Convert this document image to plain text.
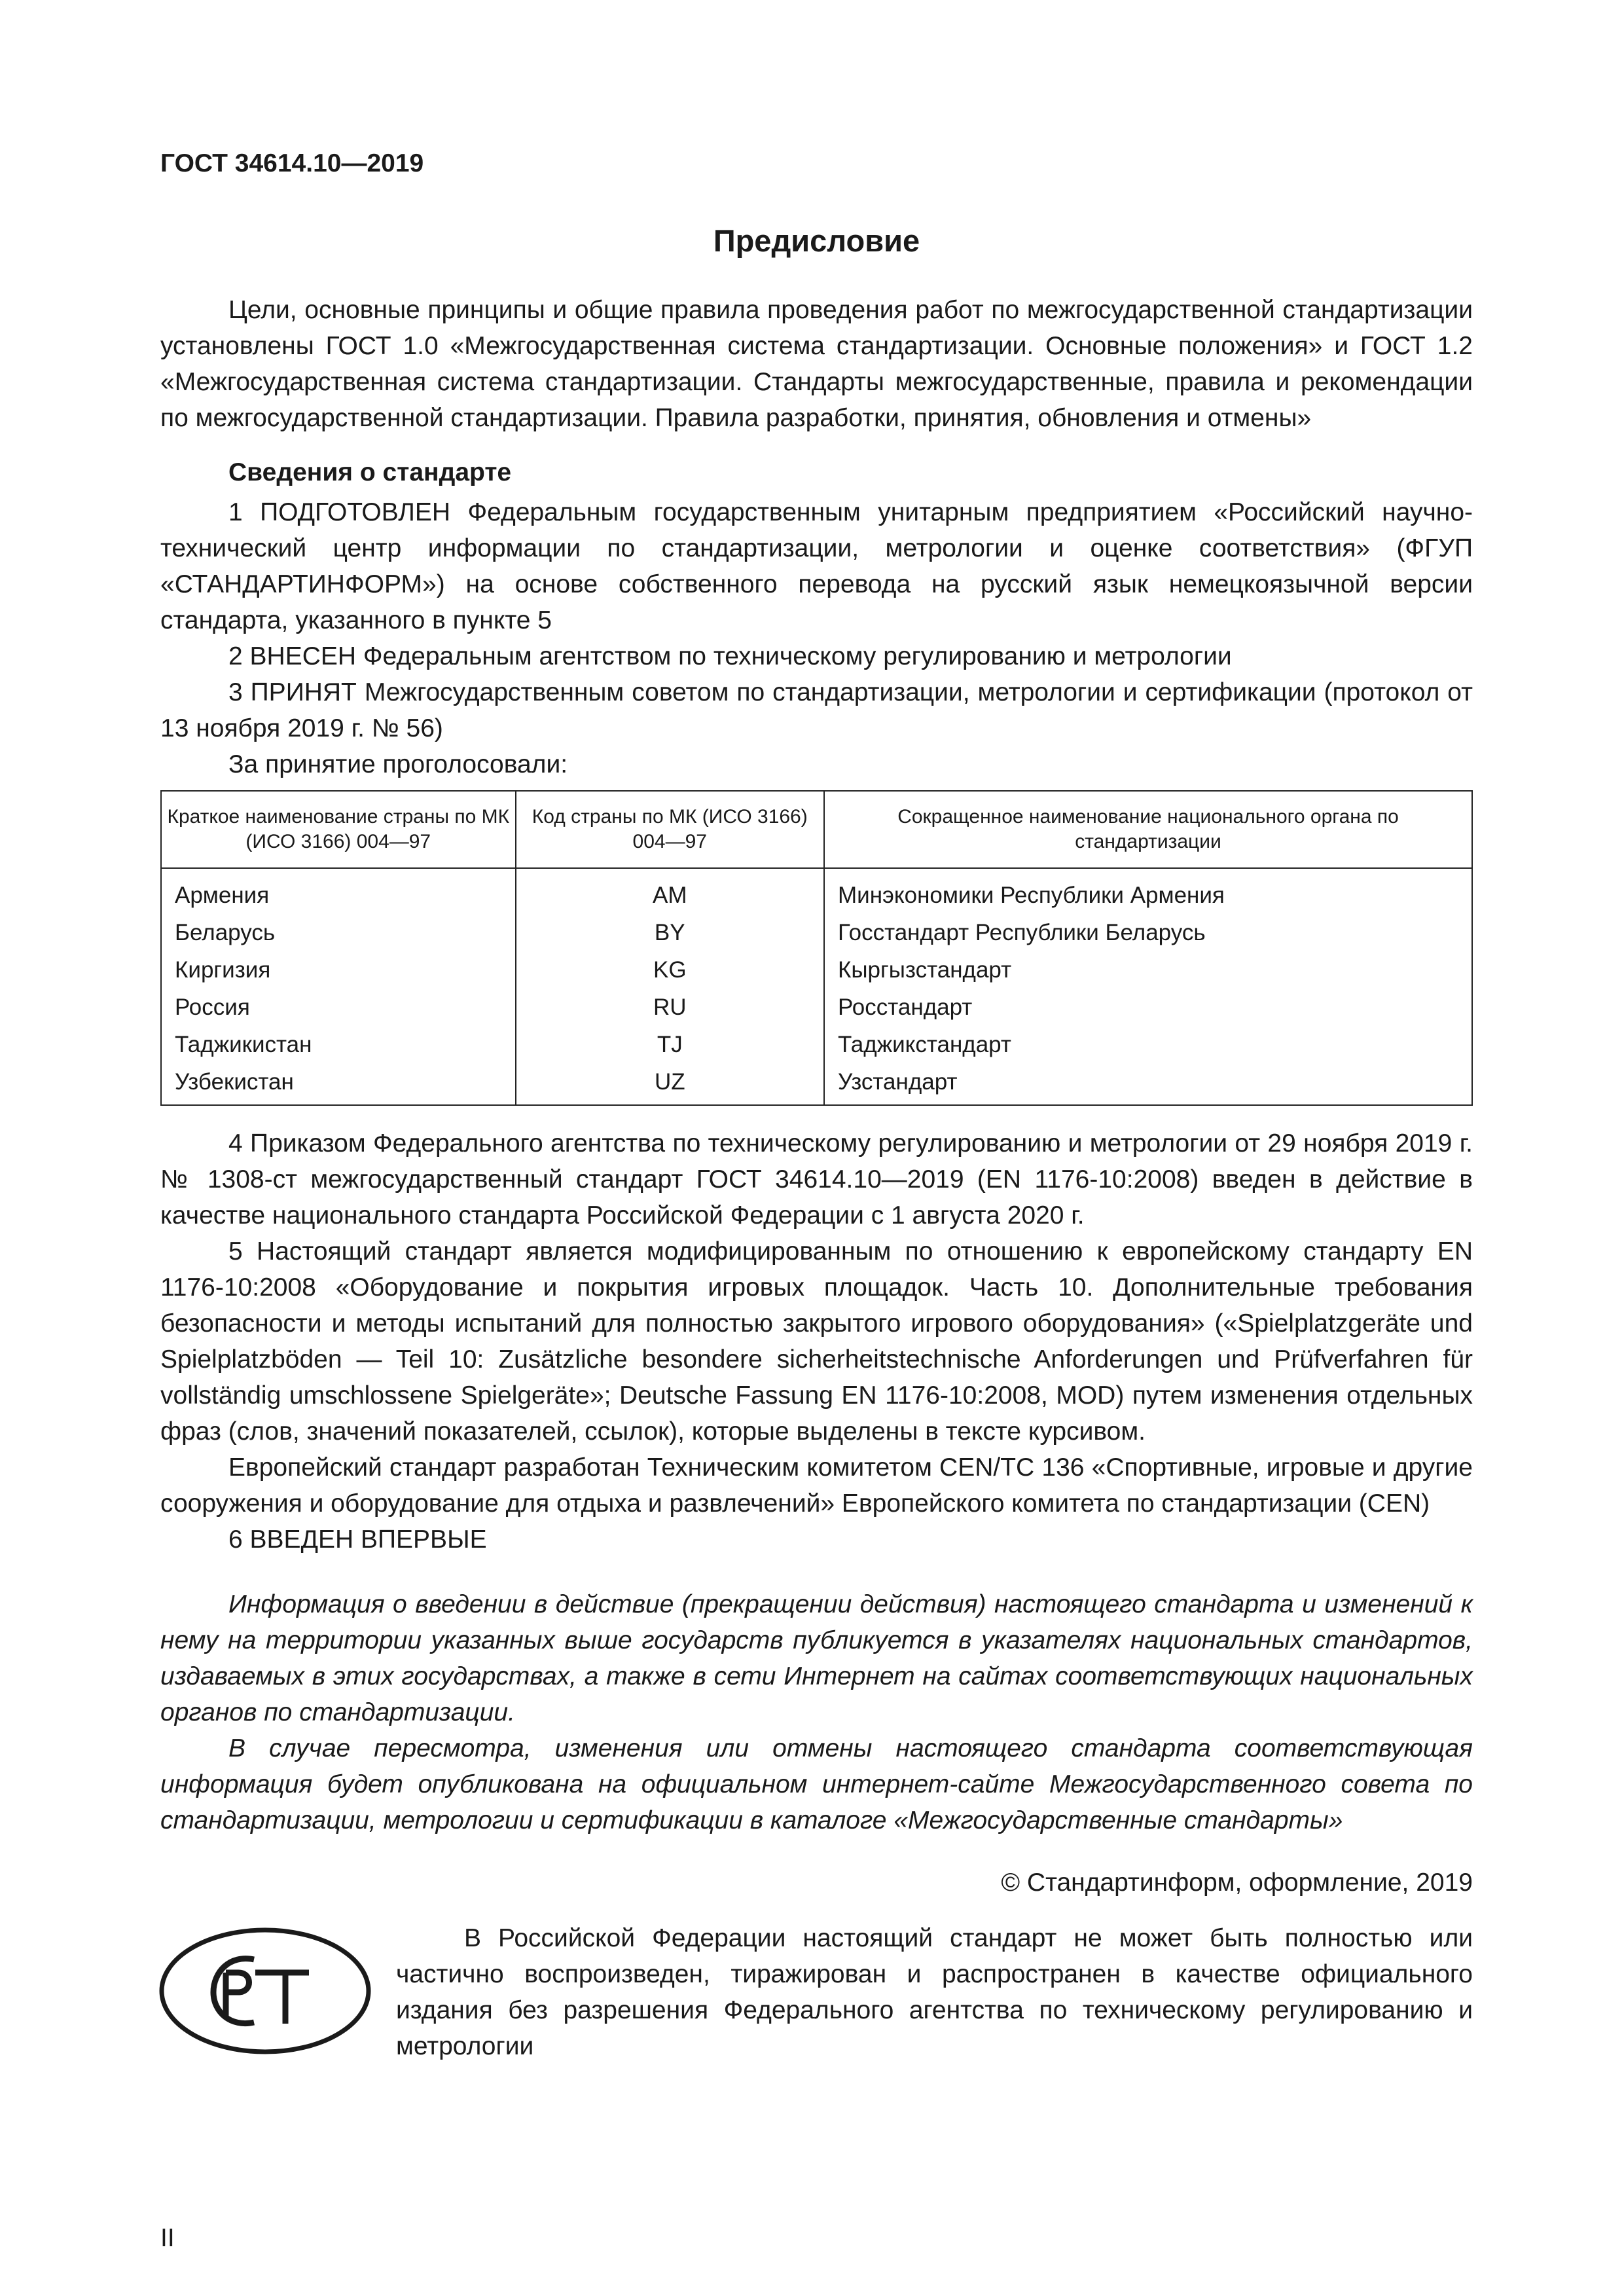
ГОСТ 34614.10—2019

Предисловие

Цели, основные принципы и общие правила проведения работ по межгосударственной стандартизации установлены ГОСТ 1.0 «Межгосударственная система стандартизации. Основные положения» и ГОСТ 1.2 «Межгосударственная система стандартизации. Стандарты межгосударственные, правила и рекомендации по межгосударственной стандартизации. Правила разработки, принятия, обновления и отмены»

Сведения о стандарте

1 ПОДГОТОВЛЕН Федеральным государственным унитарным предприятием «Российский научно-технический центр информации по стандартизации, метрологии и оценке соответствия» (ФГУП «СТАНДАРТИНФОРМ») на основе собственного перевода на русский язык немецкоязычной версии стандарта, указанного в пункте 5

2 ВНЕСЕН Федеральным агентством по техническому регулированию и метрологии

3 ПРИНЯТ Межгосударственным советом по стандартизации, метрологии и сертификации (протокол от 13 ноября 2019 г. № 56)

За принятие проголосовали:

Краткое наименование страны по МК (ИСО 3166) 004—97	Код страны по МК (ИСО 3166) 004—97	Сокращенное наименование национального органа по стандартизации
Армения	AM	Минэкономики Республики Армения
Беларусь	BY	Госстандарт Республики Беларусь
Киргизия	KG	Кыргызстандарт
Россия	RU	Росстандарт
Таджикистан	TJ	Таджикстандарт
Узбекистан	UZ	Узстандарт

4 Приказом Федерального агентства по техническому регулированию и метрологии от 29 ноября 2019 г. № 1308-ст межгосударственный стандарт ГОСТ 34614.10—2019 (EN 1176-10:2008) введен в действие в качестве национального стандарта Российской Федерации с 1 августа 2020 г.

5 Настоящий стандарт является модифицированным по отношению к европейскому стандарту EN 1176-10:2008 «Оборудование и покрытия игровых площадок. Часть 10. Дополнительные требования безопасности и методы испытаний для полностью закрытого игрового оборудования» («Spielplatzgeräte und Spielplatzböden — Teil 10: Zusätzliche besondere sicherheitstechnische Anforderungen und Prüfverfahren für vollständig umschlossene Spielgeräte»; Deutsche Fassung EN 1176-10:2008, MOD) путем изменения отдельных фраз (слов, значений показателей, ссылок), которые выделены в тексте курсивом.

Европейский стандарт разработан Техническим комитетом CEN/TC 136 «Спортивные, игровые и другие сооружения и оборудование для отдыха и развлечений» Европейского комитета по стандартизации (CEN)

6 ВВЕДЕН ВПЕРВЫЕ

Информация о введении в действие (прекращении действия) настоящего стандарта и изменений к нему на территории указанных выше государств публикуется в указателях национальных стандартов, издаваемых в этих государствах, а также в сети Интернет на сайтах соответствующих национальных органов по стандартизации.

В случае пересмотра, изменения или отмены настоящего стандарта соответствующая информация будет опубликована на официальном интернет-сайте Межгосударственного совета по стандартизации, метрологии и сертификации в каталоге «Межгосударственные стандарты»

© Стандартинформ, оформление, 2019

В Российской Федерации настоящий стандарт не может быть полностью или частично воспроизведен, тиражирован и распространен в качестве официального издания без разрешения Федерального агентства по техническому регулированию и метрологии

II
